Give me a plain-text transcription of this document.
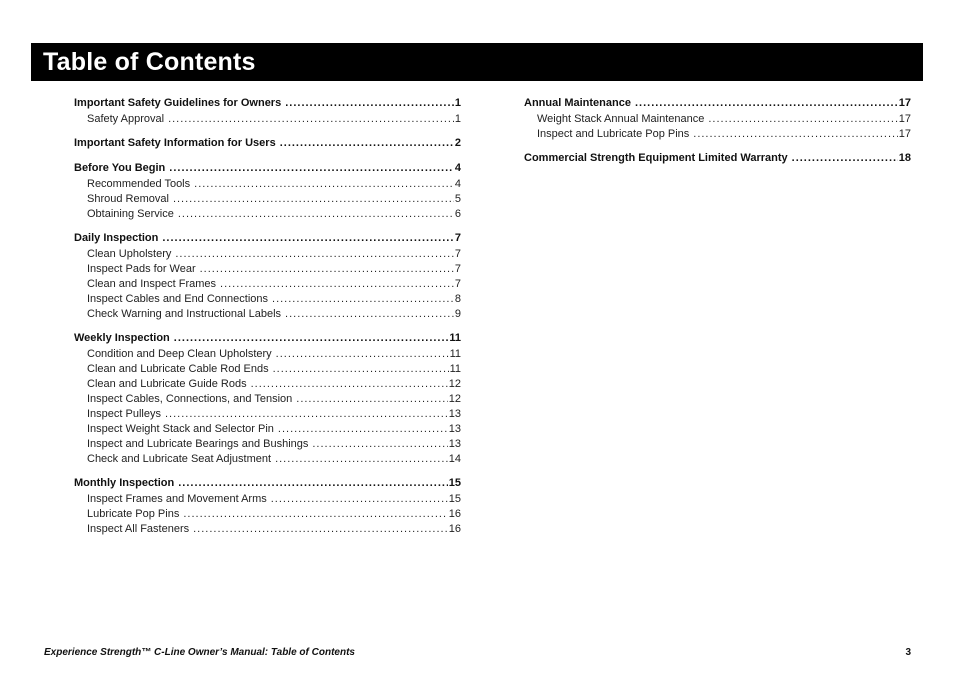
Table of Contents
Important Safety Guidelines for Owners .....	1
Safety Approval .....	1
Important Safety Information for Users .....	2
Before You Begin .....	4
Recommended Tools .....	4
Shroud Removal .....	5
Obtaining Service .....	6
Daily Inspection .....	7
Clean Upholstery .....	7
Inspect Pads for Wear .....	7
Clean and Inspect Frames .....	7
Inspect Cables and End Connections .....	8
Check Warning and Instructional Labels .....	9
Weekly Inspection .....	11
Condition and Deep Clean Upholstery .....	11
Clean and Lubricate Cable Rod Ends .....	11
Clean and Lubricate Guide Rods .....	12
Inspect Cables, Connections, and Tension .....	12
Inspect Pulleys .....	13
Inspect Weight Stack and Selector Pin .....	13
Inspect and Lubricate Bearings and Bushings .....	13
Check and Lubricate Seat Adjustment .....	14
Monthly Inspection .....	15
Inspect Frames and Movement Arms .....	15
Lubricate Pop Pins .....	16
Inspect All Fasteners .....	16
Annual Maintenance .....	17
Weight Stack Annual Maintenance .....	17
Inspect and Lubricate Pop Pins .....	17
Commercial Strength Equipment Limited Warranty .....	18
Experience Strength™ C-Line Owner’s Manual: Table of Contents	3
